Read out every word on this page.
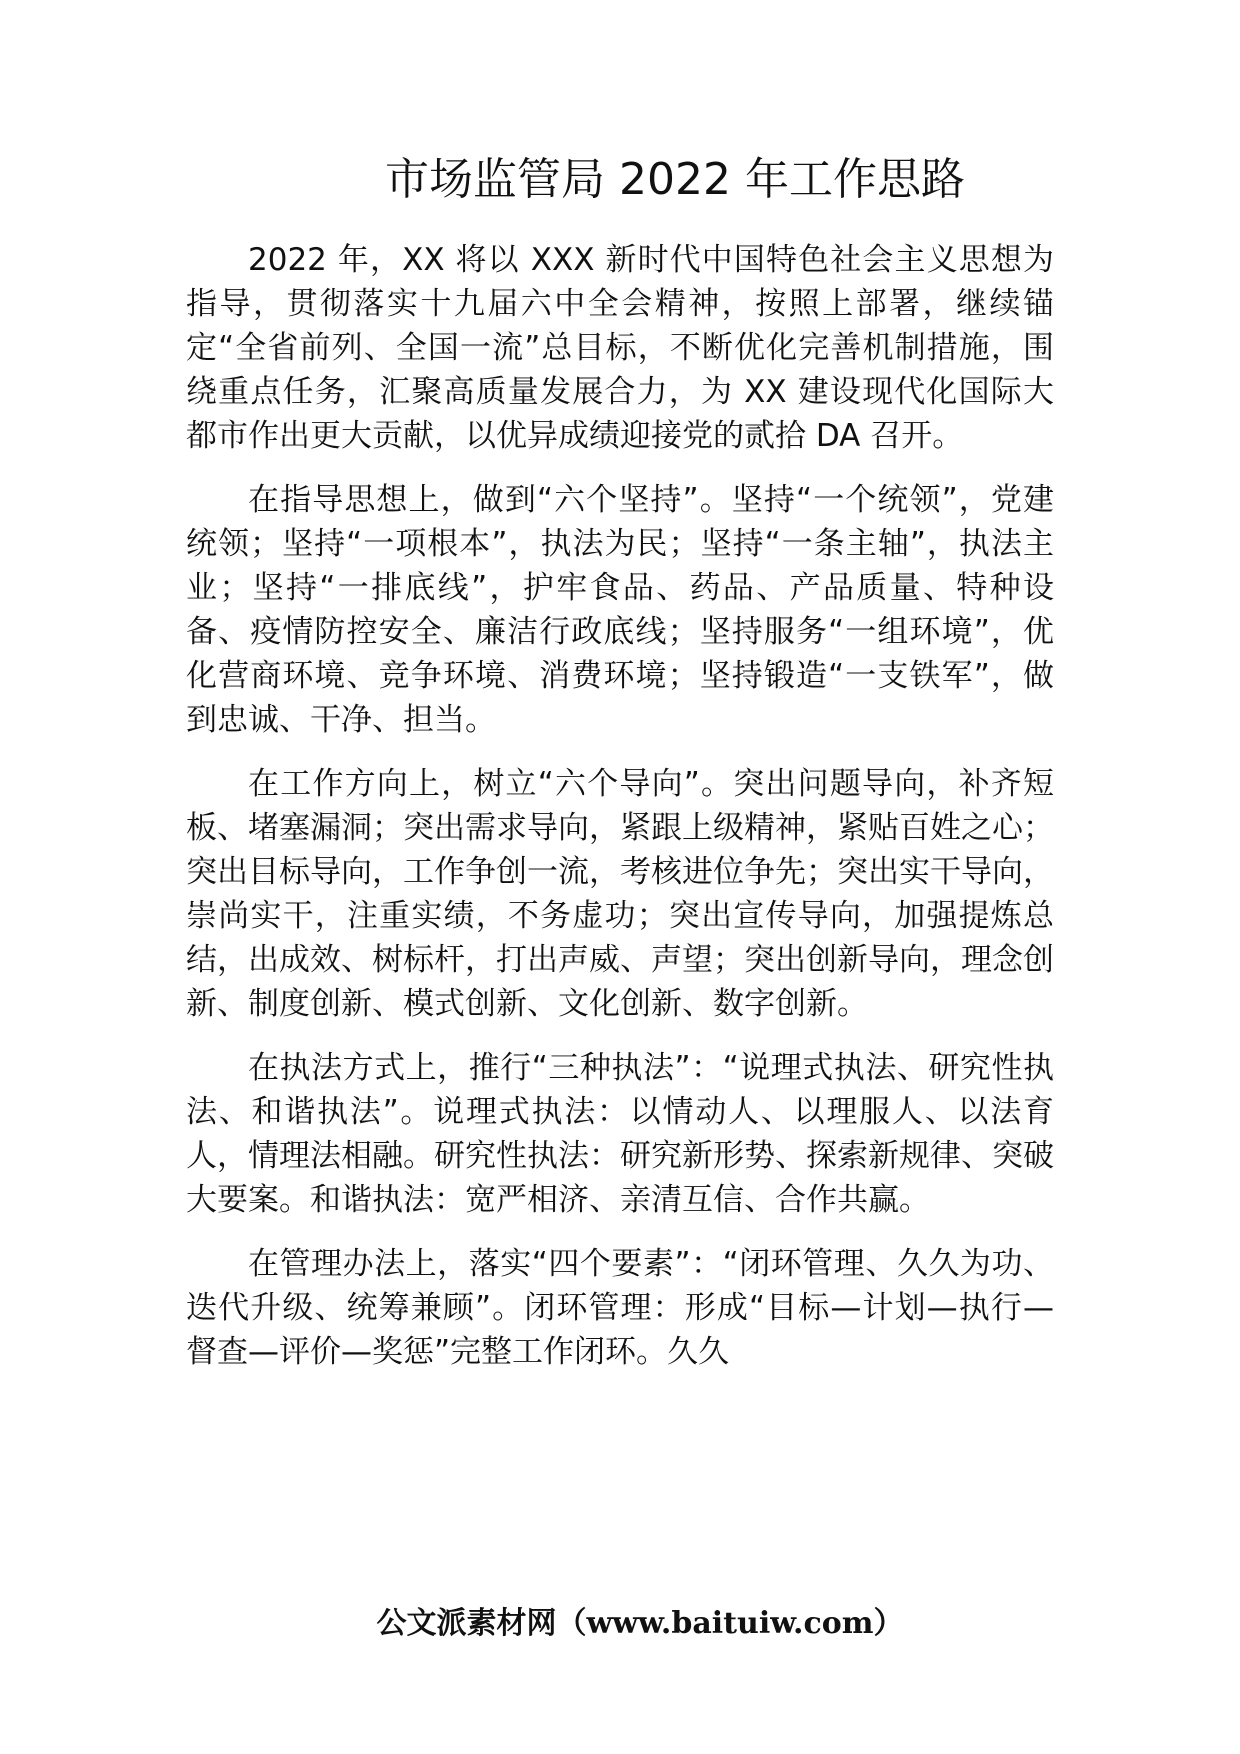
市场监管局 2022 年工作思路

2022 年，XX 将以 XXX 新时代中国特色社会主义思想为指导，贯彻落实十九届六中全会精神，按照上部署，继续锚定“全省前列、全国一流”总目标，不断优化完善机制措施，围绕重点任务，汇聚高质量发展合力，为 XX 建设现代化国际大都市作出更大贡献，以优异成绩迎接党的贰拾 DA 召开。

在指导思想上，做到“六个坚持”。坚持“一个统领”，党建统领；坚持“一项根本”，执法为民；坚持“一条主轴”，执法主业；坚持“一排底线”，护牢食品、药品、产品质量、特种设备、疫情防控安全、廉洁行政底线；坚持服务“一组环境”，优化营商环境、竞争环境、消费环境；坚持锻造“一支铁军”，做到忠诚、干净、担当。

在工作方向上，树立“六个导向”。突出问题导向，补齐短板、堵塞漏洞；突出需求导向，紧跟上级精神，紧贴百姓之心；突出目标导向，工作争创一流，考核进位争先；突出实干导向，崇尚实干，注重实绩，不务虚功；突出宣传导向，加强提炼总结，出成效、树标杆，打出声威、声望；突出创新导向，理念创新、制度创新、模式创新、文化创新、数字创新。

在执法方式上，推行“三种执法”：“说理式执法、研究性执法、和谐执法”。说理式执法：以情动人、以理服人、以法育人，情理法相融。研究性执法：研究新形势、探索新规律、突破大要案。和谐执法：宽严相济、亲清互信、合作共赢。

在管理办法上，落实“四个要素”：“闭环管理、久久为功、迭代升级、统筹兼顾”。闭环管理：形成“目标—计划—执行—督查—评价—奖惩”完整工作闭环。久久

公文派素材网（www.baituiw.com）
